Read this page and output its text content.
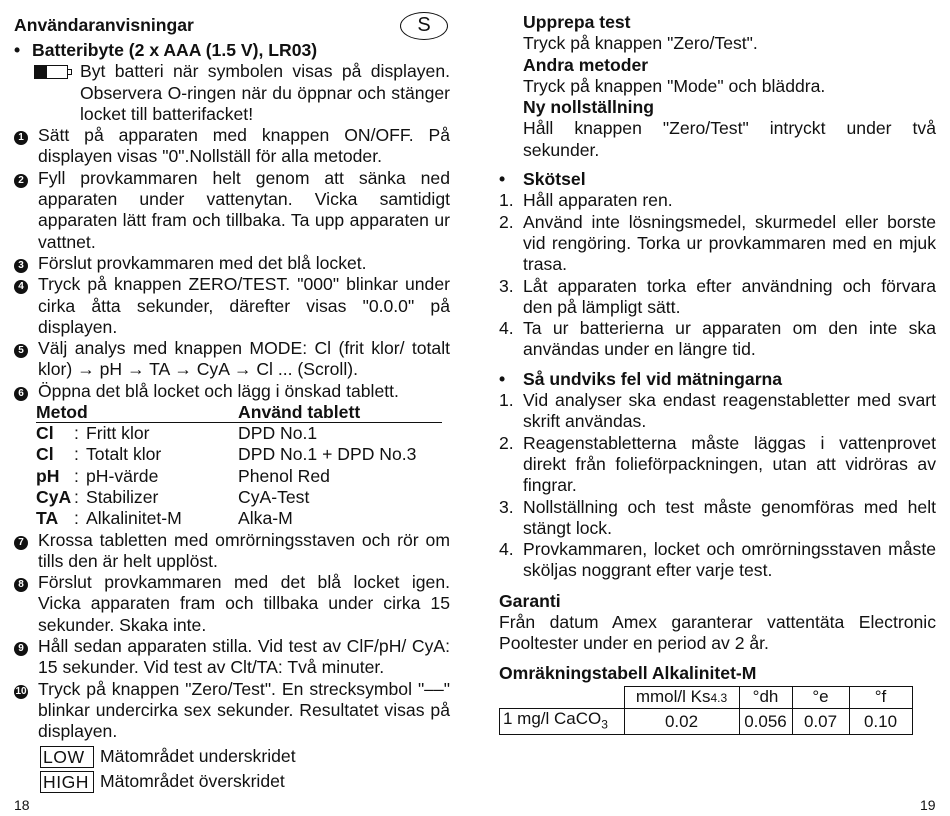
Användaranvisningar	S
• Batteribyte (2 x AAA (1.5 V), LR03)
Byt batteri när symbolen visas på displayen. Observera O-ringen när du öppnar och stänger locket till batterifacket!
1 Sätt på apparaten med knappen ON/OFF. På displayen visas "0".Nollställ för alla metoder.
2 Fyll provkammaren helt genom att sänka ned apparaten under vattenytan. Vicka samtidigt apparaten lätt fram och tillbaka. Ta upp apparaten ur vattnet.
3 Förslut provkammaren med det blå locket.
4 Tryck på knappen ZERO/TEST. "000" blinkar under cirka åtta sekunder, därefter visas "0.0.0" på displayen.
5 Välj analys med knappen MODE: Cl (frit klor/ totalt klor) → pH → TA → CyA → Cl ... (Scroll).
6 Öppna det blå locket och lägg i önskad tablett.
Metod			Använd tablett
Cl	:	Fritt klor	DPD No.1
Cl	:	Totalt klor	DPD No.1 + DPD No.3
pH	:	pH-värde	Phenol Red
CyA	:	Stabilizer	CyA-Test
TA	:	Alkalinitet-M	Alka-M
7 Krossa tabletten med omrörningsstaven och rör om tills den är helt upplöst.
8 Förslut provkammaren med det blå locket igen. Vicka apparaten fram och tillbaka under cirka 15 sekunder. Skaka inte.
9 Håll sedan apparaten stilla. Vid test av ClF/pH/ CyA: 15 sekunder. Vid test av Clt/TA: Två minuter.
10 Tryck på knappen "Zero/Test". En strecksymbol "––" blinkar undercirka sex sekunder. Resultatet visas på displayen.
LOW Mätområdet underskridet
HIGH Mätområdet överskridet
18
Upprepa test
Tryck på knappen "Zero/Test".
Andra metoder
Tryck på knappen "Mode" och bläddra.
Ny nollställning
Håll knappen "Zero/Test" intryckt under två sekunder.
•	Skötsel
1. Håll apparaten ren.
2. Använd inte lösningsmedel, skurmedel eller borste vid rengöring. Torka ur provkammaren med en mjuk trasa.
3. Låt apparaten torka efter användning och förvara den på lämpligt sätt.
4. Ta ur batterierna ur apparaten om den inte ska användas under en längre tid.
•	Så undviks fel vid mätningarna
1. Vid analyser ska endast reagenstabletter med svart skrift användas.
2. Reagenstabletterna måste läggas i vattenprovet direkt från folieförpackningen, utan att vidröras av fingrar.
3. Nollställning och test måste genomföras med helt stängt lock.
4. Provkammaren, locket och omrörningsstaven måste sköljas noggrant efter varje test.
Garanti
Från datum Amex garanterar vattentäta Electronic Pooltester under en period av 2 år.
Omräkningstabell Alkalinitet-M
	mmol/l Ks4.3	°dh	°e	°f
1 mg/l CaCO$_3$	0.02	0.056	0.07	0.10
19
